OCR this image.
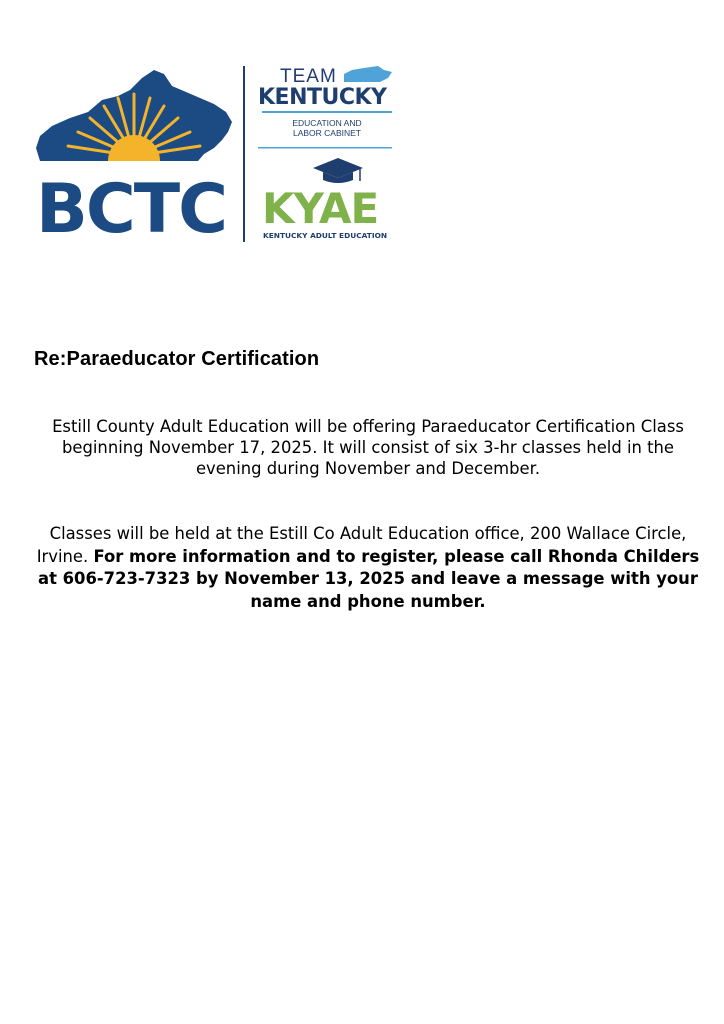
BCTC
TEAM
KENTUCKY
EDUCATION AND
LABOR CABINET
KYAE
KENTUCKY ADULT EDUCATION
Re:Paraeducator Certification
Estill County Adult Education will be offering Paraeducator Certification Class beginning November 17, 2025. It will consist of six 3-hr classes held in the evening during November and December.
Classes will be held at the Estill Co Adult Education office, 200 Wallace Circle, Irvine. For more information and to register, please call Rhonda Childers at 606-723-7323 by November 13, 2025 and leave a message with your name and phone number.
